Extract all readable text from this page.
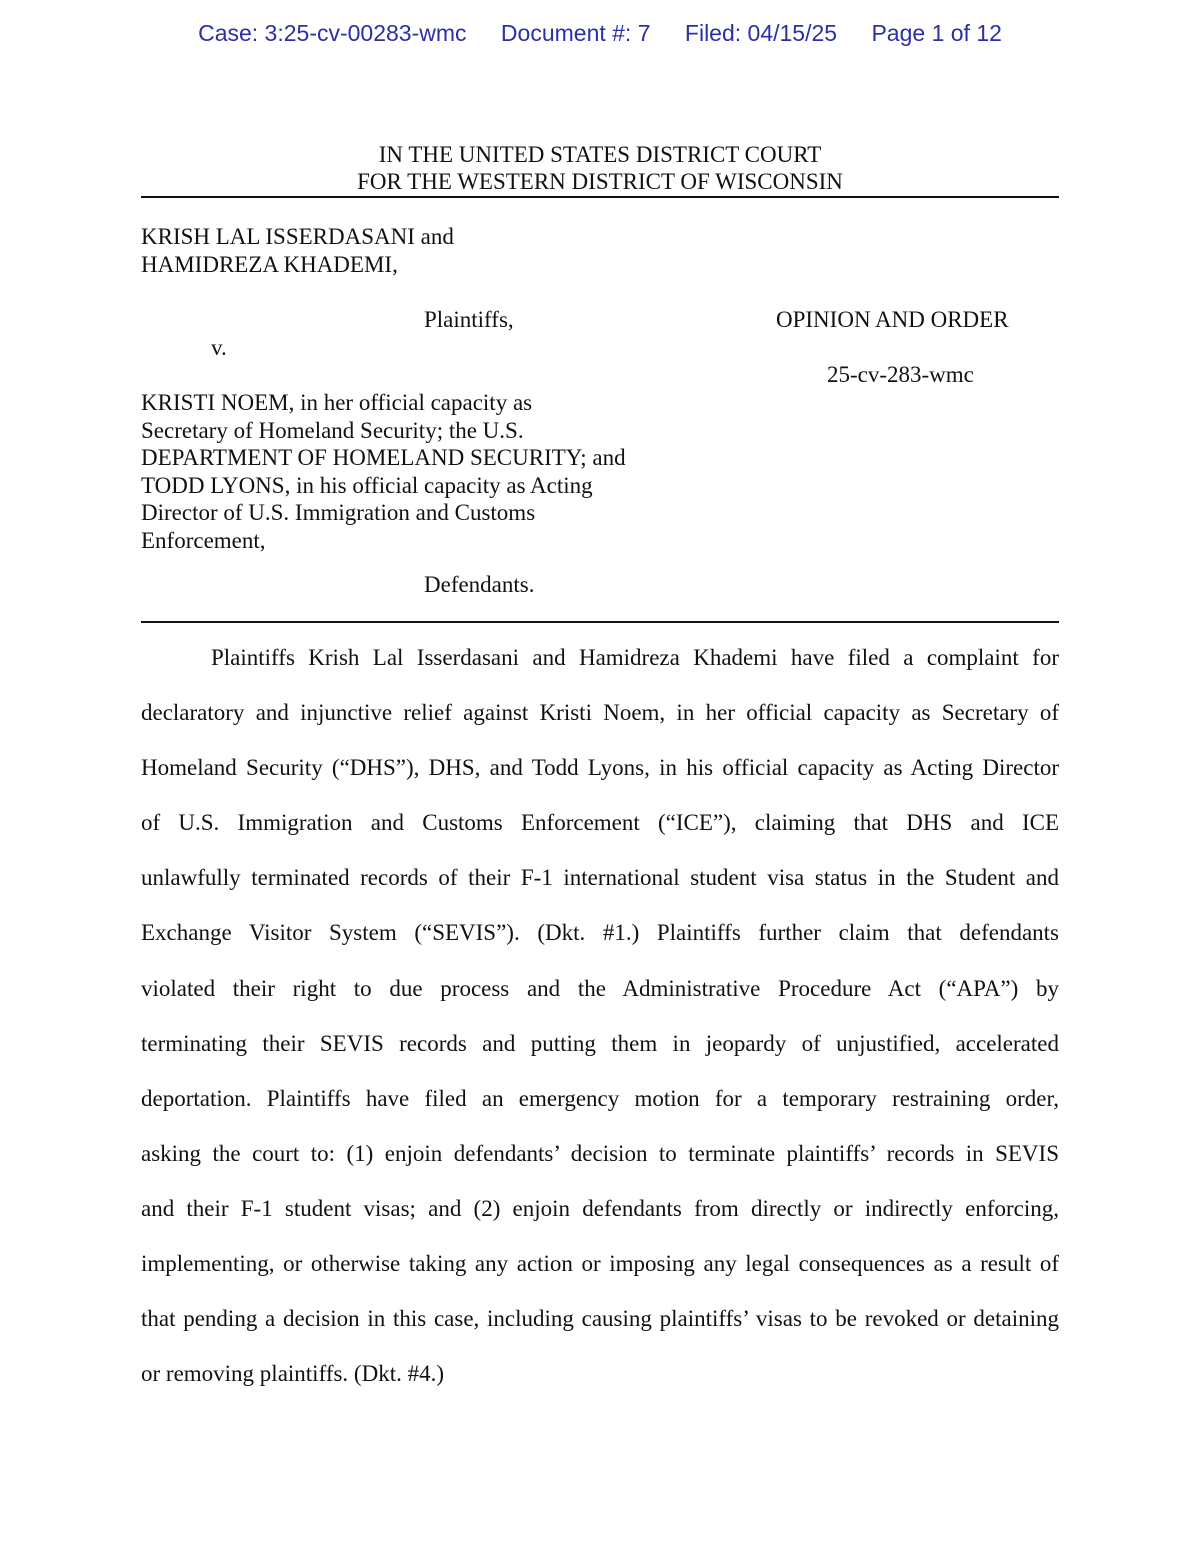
Case: 3:25-cv-00283-wmc Document #: 7 Filed: 04/15/25 Page 1 of 12
IN THE UNITED STATES DISTRICT COURT
FOR THE WESTERN DISTRICT OF WISCONSIN
KRISH LAL ISSERDASANI and
HAMIDREZA KHADEMI,
Plaintiffs,
v.
OPINION AND ORDER
25-cv-283-wmc
KRISTI NOEM, in her official capacity as
Secretary of Homeland Security; the U.S.
DEPARTMENT OF HOMELAND SECURITY; and
TODD LYONS, in his official capacity as Acting
Director of U.S. Immigration and Customs
Enforcement,
Defendants.
Plaintiffs Krish Lal Isserdasani and Hamidreza Khademi have filed a complaint for
declaratory and injunctive relief against Kristi Noem, in her official capacity as Secretary of
Homeland Security (“DHS”), DHS, and Todd Lyons, in his official capacity as Acting Director
of U.S. Immigration and Customs Enforcement (“ICE”), claiming that DHS and ICE
unlawfully terminated records of their F-1 international student visa status in the Student and
Exchange Visitor System (“SEVIS”). (Dkt. #1.) Plaintiffs further claim that defendants
violated their right to due process and the Administrative Procedure Act (“APA”) by
terminating their SEVIS records and putting them in jeopardy of unjustified, accelerated
deportation. Plaintiffs have filed an emergency motion for a temporary restraining order,
asking the court to: (1) enjoin defendants’ decision to terminate plaintiffs’ records in SEVIS
and their F-1 student visas; and (2) enjoin defendants from directly or indirectly enforcing,
implementing, or otherwise taking any action or imposing any legal consequences as a result of
that pending a decision in this case, including causing plaintiffs’ visas to be revoked or detaining
or removing plaintiffs. (Dkt. #4.)
